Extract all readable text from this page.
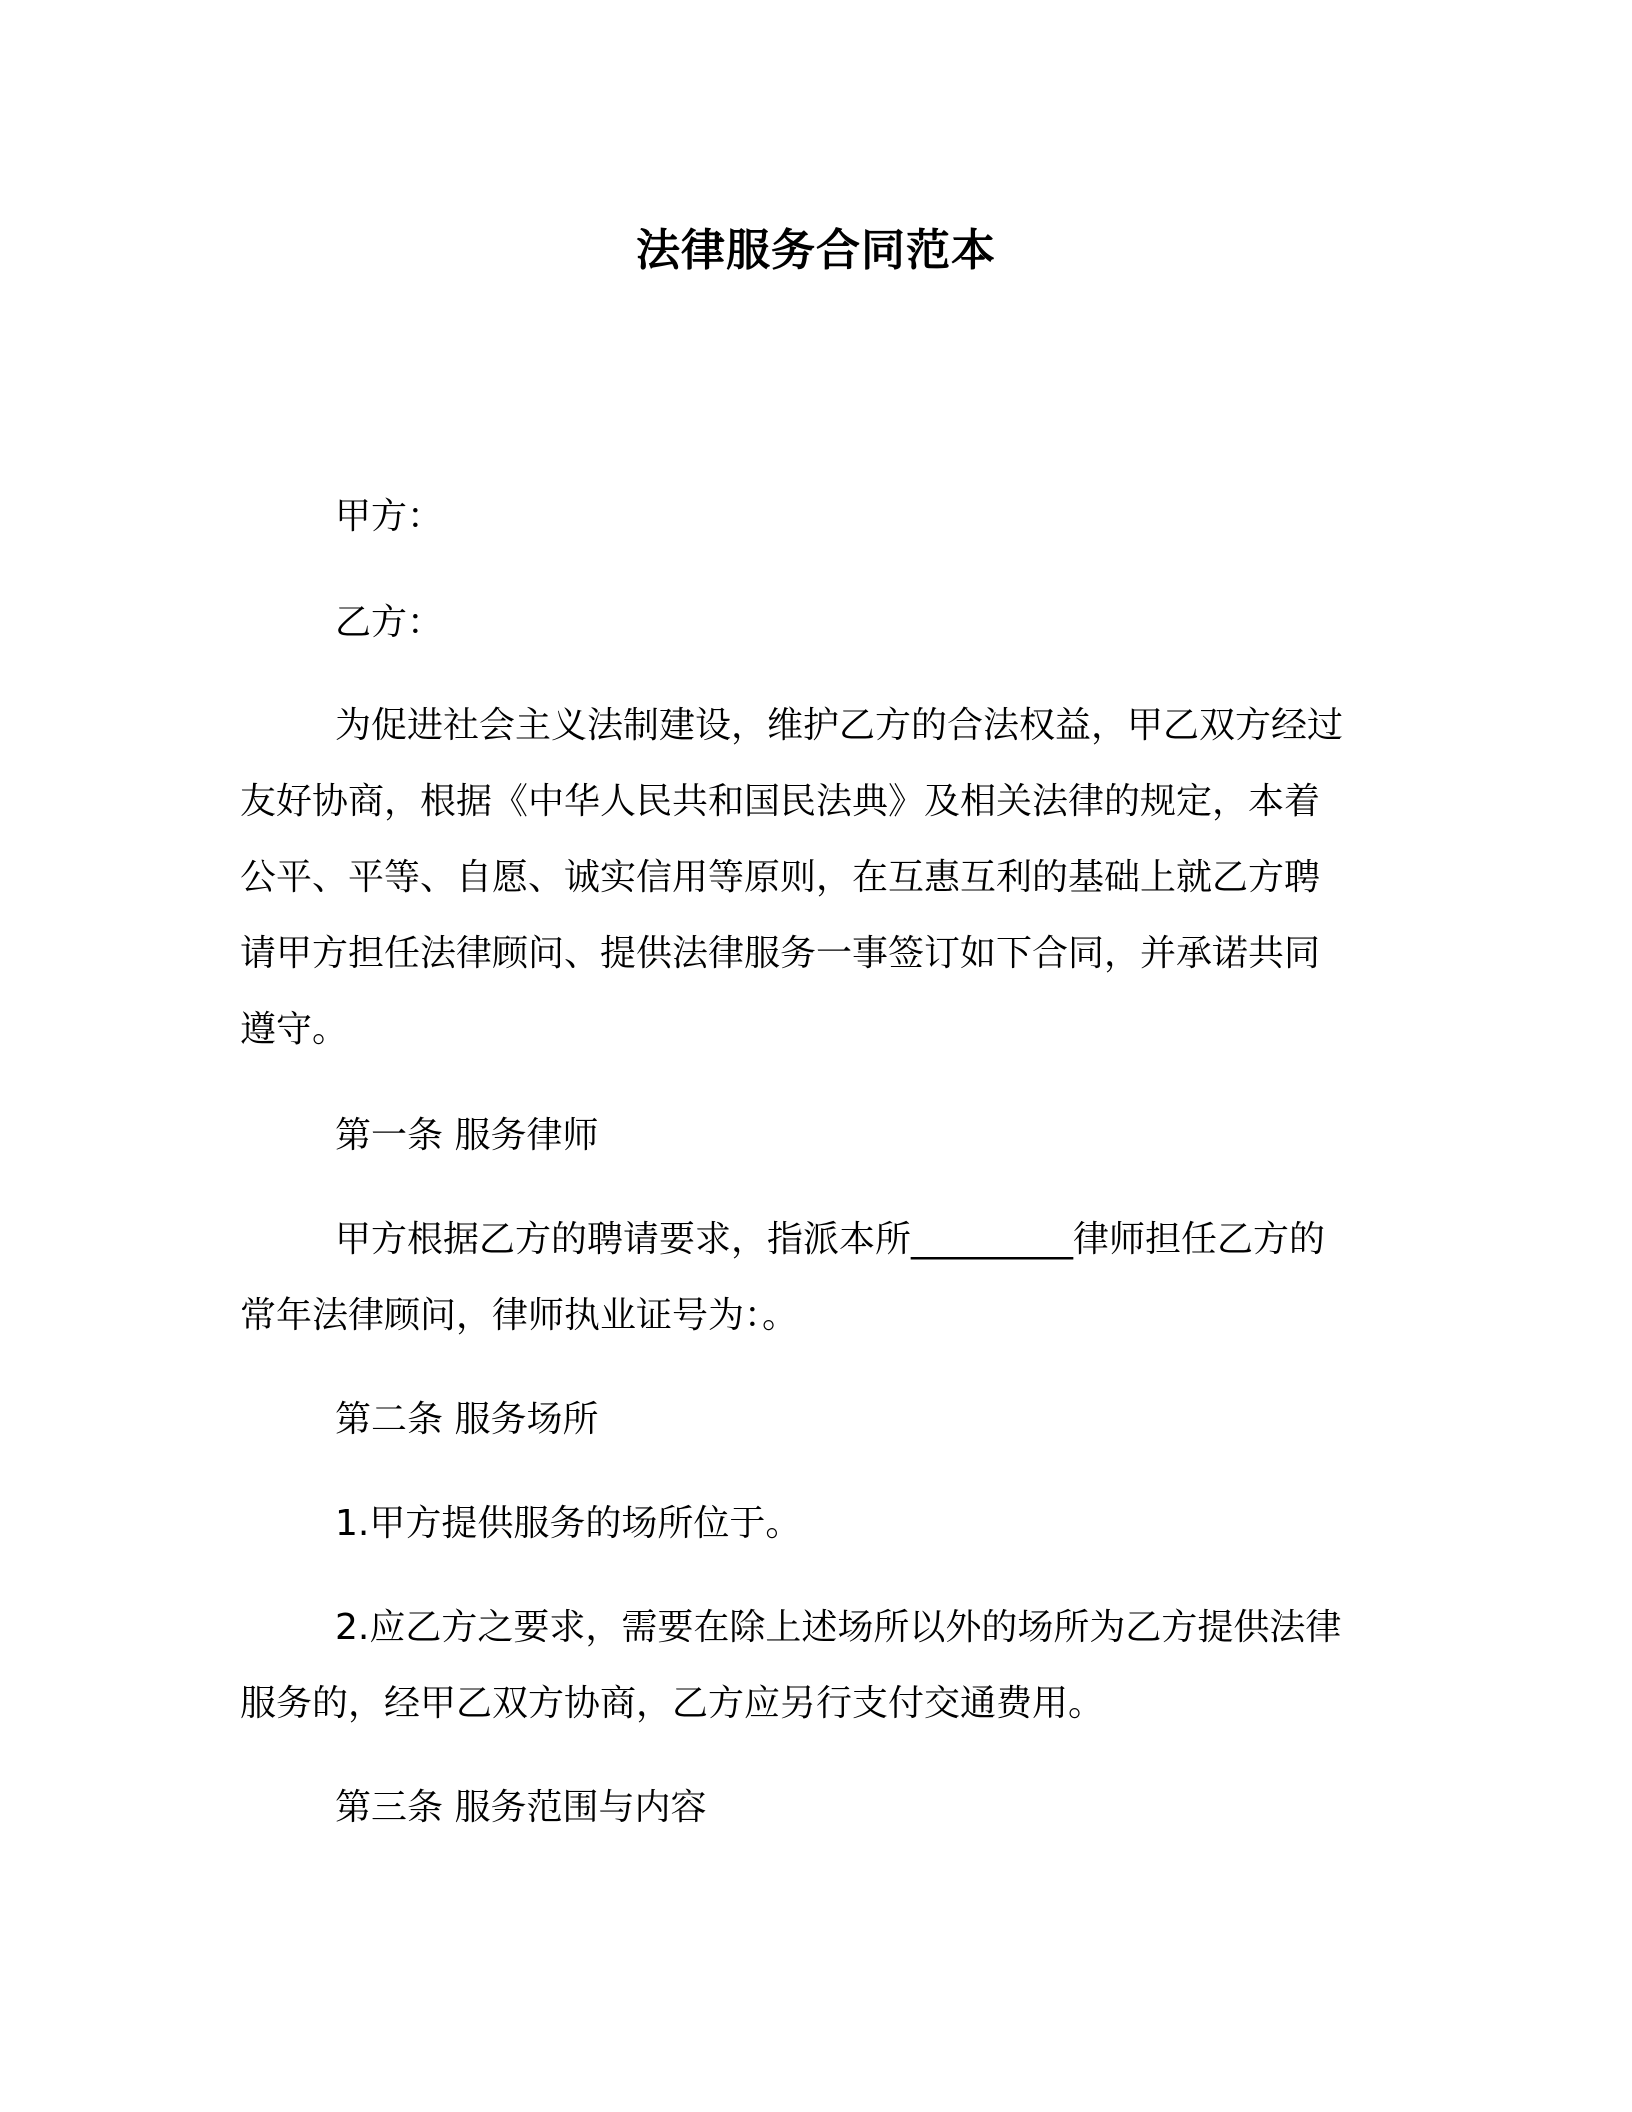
法律服务合同范本
甲方：
乙方：
为促进社会主义法制建设，维护乙方的合法权益，甲乙双方经过
友好协商，根据《中华人民共和国民法典》及相关法律的规定，本着
公平、平等、自愿、诚实信用等原则，在互惠互利的基础上就乙方聘
请甲方担任法律顾问、提供法律服务一事签订如下合同，并承诺共同
遵守。
第一条 服务律师
甲方根据乙方的聘请要求，指派本所_________律师担任乙方的
常年法律顾问，律师执业证号为：。
第二条 服务场所
1.甲方提供服务的场所位于。
2.应乙方之要求，需要在除上述场所以外的场所为乙方提供法律
服务的，经甲乙双方协商，乙方应另行支付交通费用。
第三条 服务范围与内容
